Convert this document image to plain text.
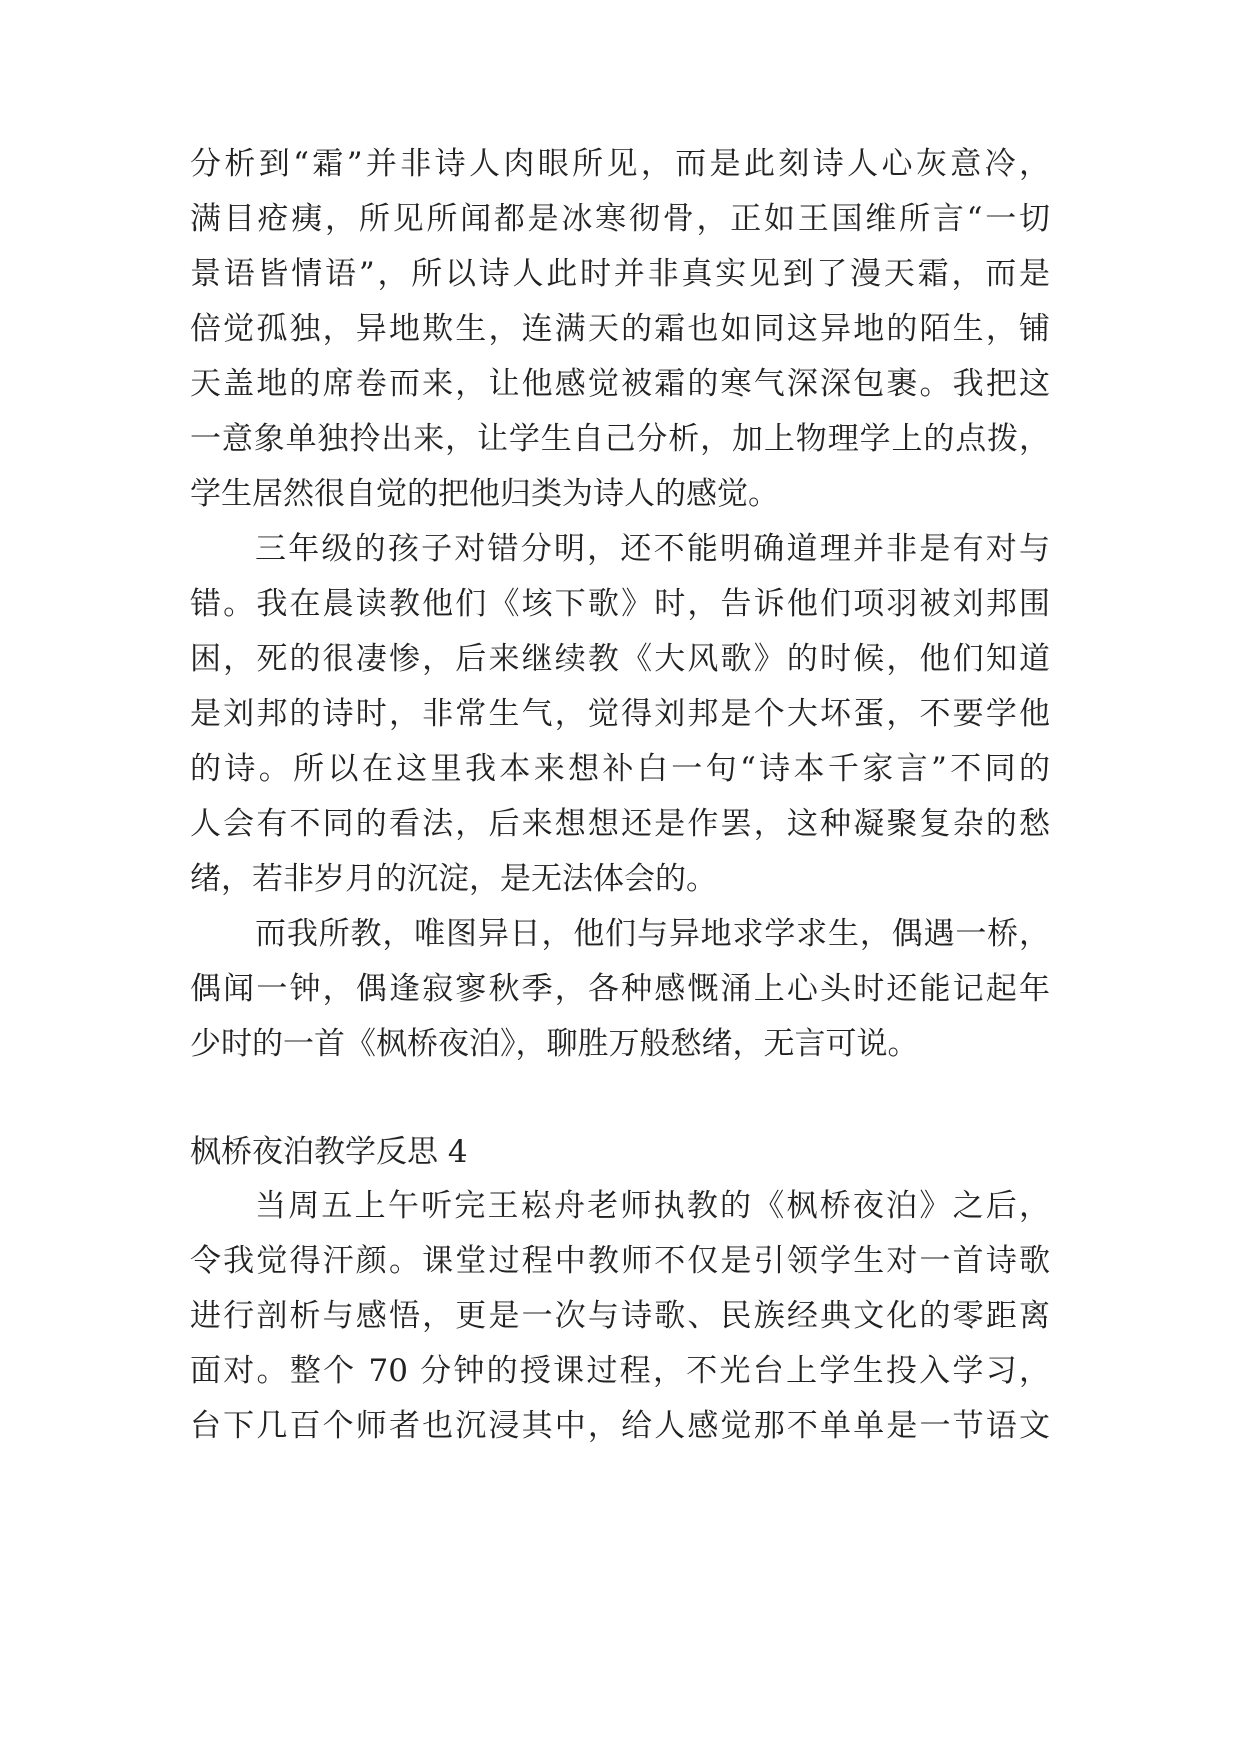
分析到“霜”并非诗人肉眼所见，而是此刻诗人心灰意冷，
满目疮痍，所见所闻都是冰寒彻骨，正如王国维所言“一切
景语皆情语”，所以诗人此时并非真实见到了漫天霜，而是
倍觉孤独，异地欺生，连满天的霜也如同这异地的陌生，铺
天盖地的席卷而来，让他感觉被霜的寒气深深包裹。我把这
一意象单独拎出来，让学生自己分析，加上物理学上的点拨，
学生居然很自觉的把他归类为诗人的感觉。
三年级的孩子对错分明，还不能明确道理并非是有对与
错。我在晨读教他们《垓下歌》时，告诉他们项羽被刘邦围
困，死的很凄惨，后来继续教《大风歌》的时候，他们知道
是刘邦的诗时，非常生气，觉得刘邦是个大坏蛋，不要学他
的诗。所以在这里我本来想补白一句“诗本千家言”不同的
人会有不同的看法，后来想想还是作罢，这种凝聚复杂的愁
绪，若非岁月的沉淀，是无法体会的。
而我所教，唯图异日，他们与异地求学求生，偶遇一桥，
偶闻一钟，偶逢寂寥秋季，各种感慨涌上心头时还能记起年
少时的一首《枫桥夜泊》，聊胜万般愁绪，无言可说。
枫桥夜泊教学反思 4
当周五上午听完王崧舟老师执教的《枫桥夜泊》之后，
令我觉得汗颜。课堂过程中教师不仅是引领学生对一首诗歌
进行剖析与感悟，更是一次与诗歌、民族经典文化的零距离
面对。整个 70 分钟的授课过程，不光台上学生投入学习，
台下几百个师者也沉浸其中，给人感觉那不单单是一节语文
